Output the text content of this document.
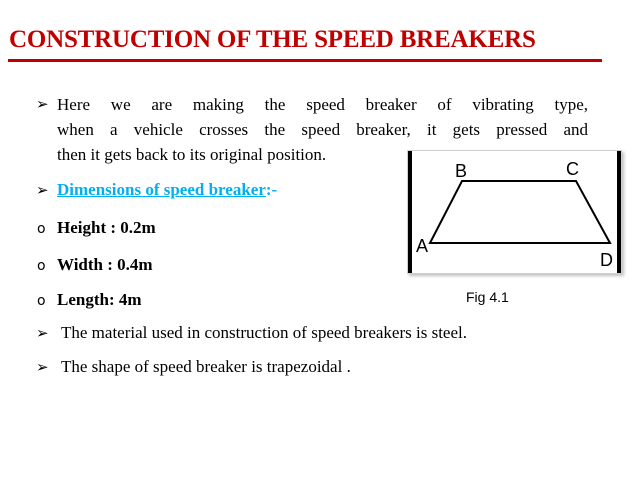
CONSTRUCTION OF THE SPEED BREAKERS
➢ Here we are making the speed breaker of vibrating type,
when a vehicle crosses the speed breaker, it gets pressed and
then it gets back to its original position.
➢ Dimensions of speed breaker:-
o Height : 0.2m
o Width : 0.4m
o Length: 4m
➢ The material used in construction of speed breakers is steel.
➢ The shape of speed breaker is trapezoidal .
B	C
A
D
Fig 4.1
